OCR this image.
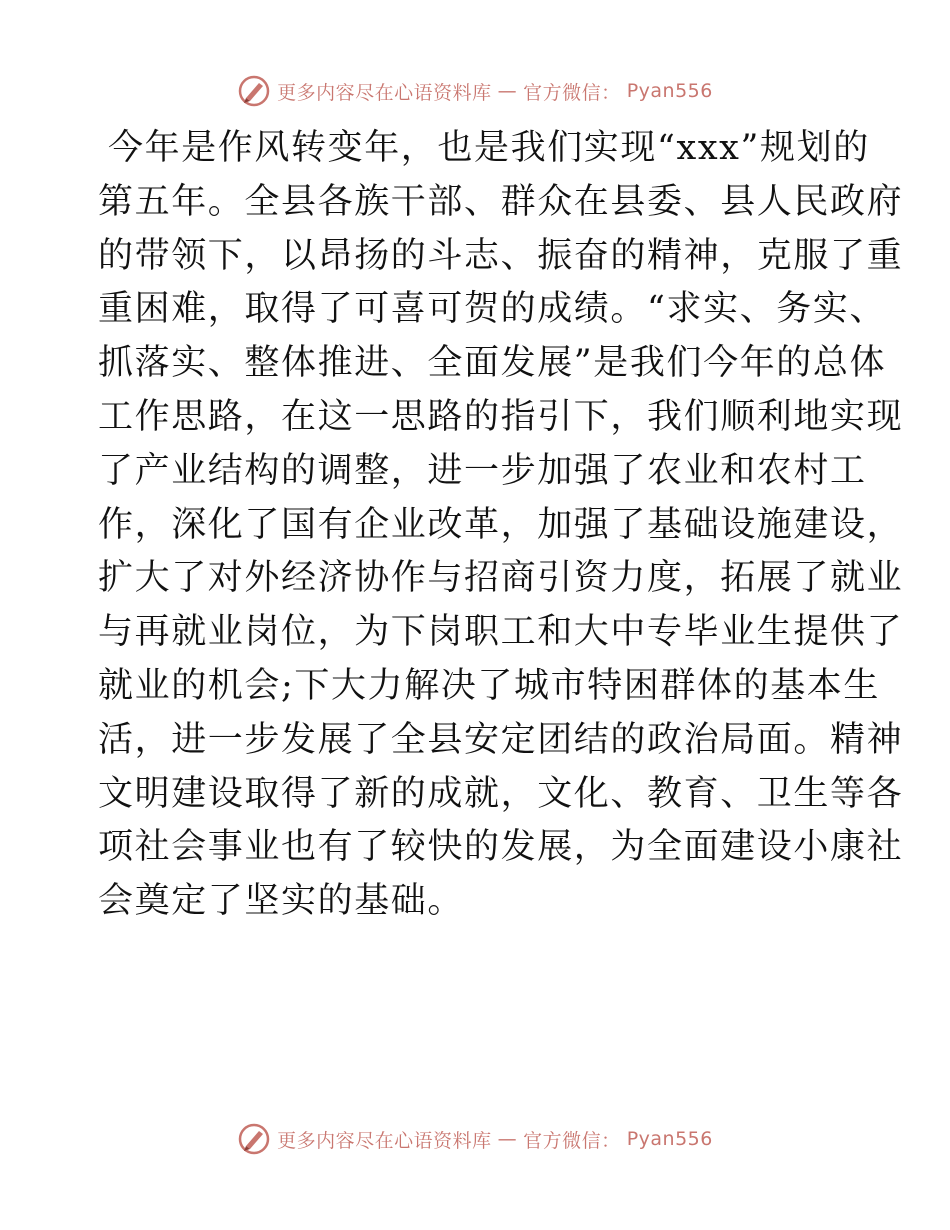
更多内容尽在心语资料库 — 官方微信： Pyan556
今年是作风转变年，也是我们实现“xxx”规划的
第五年。全县各族干部、群众在县委、县人民政府
的带领下，以昂扬的斗志、振奋的精神，克服了重
重困难，取得了可喜可贺的成绩。“求实、务实、
抓落实、整体推进、全面发展”是我们今年的总体
工作思路，在这一思路的指引下，我们顺利地实现
了产业结构的调整，进一步加强了农业和农村工
作，深化了国有企业改革，加强了基础设施建设，
扩大了对外经济协作与招商引资力度，拓展了就业
与再就业岗位，为下岗职工和大中专毕业生提供了
就业的机会;下大力解决了城市特困群体的基本生
活，进一步发展了全县安定团结的政治局面。精神
文明建设取得了新的成就，文化、教育、卫生等各
项社会事业也有了较快的发展，为全面建设小康社
会奠定了坚实的基础。
更多内容尽在心语资料库 — 官方微信： Pyan556
